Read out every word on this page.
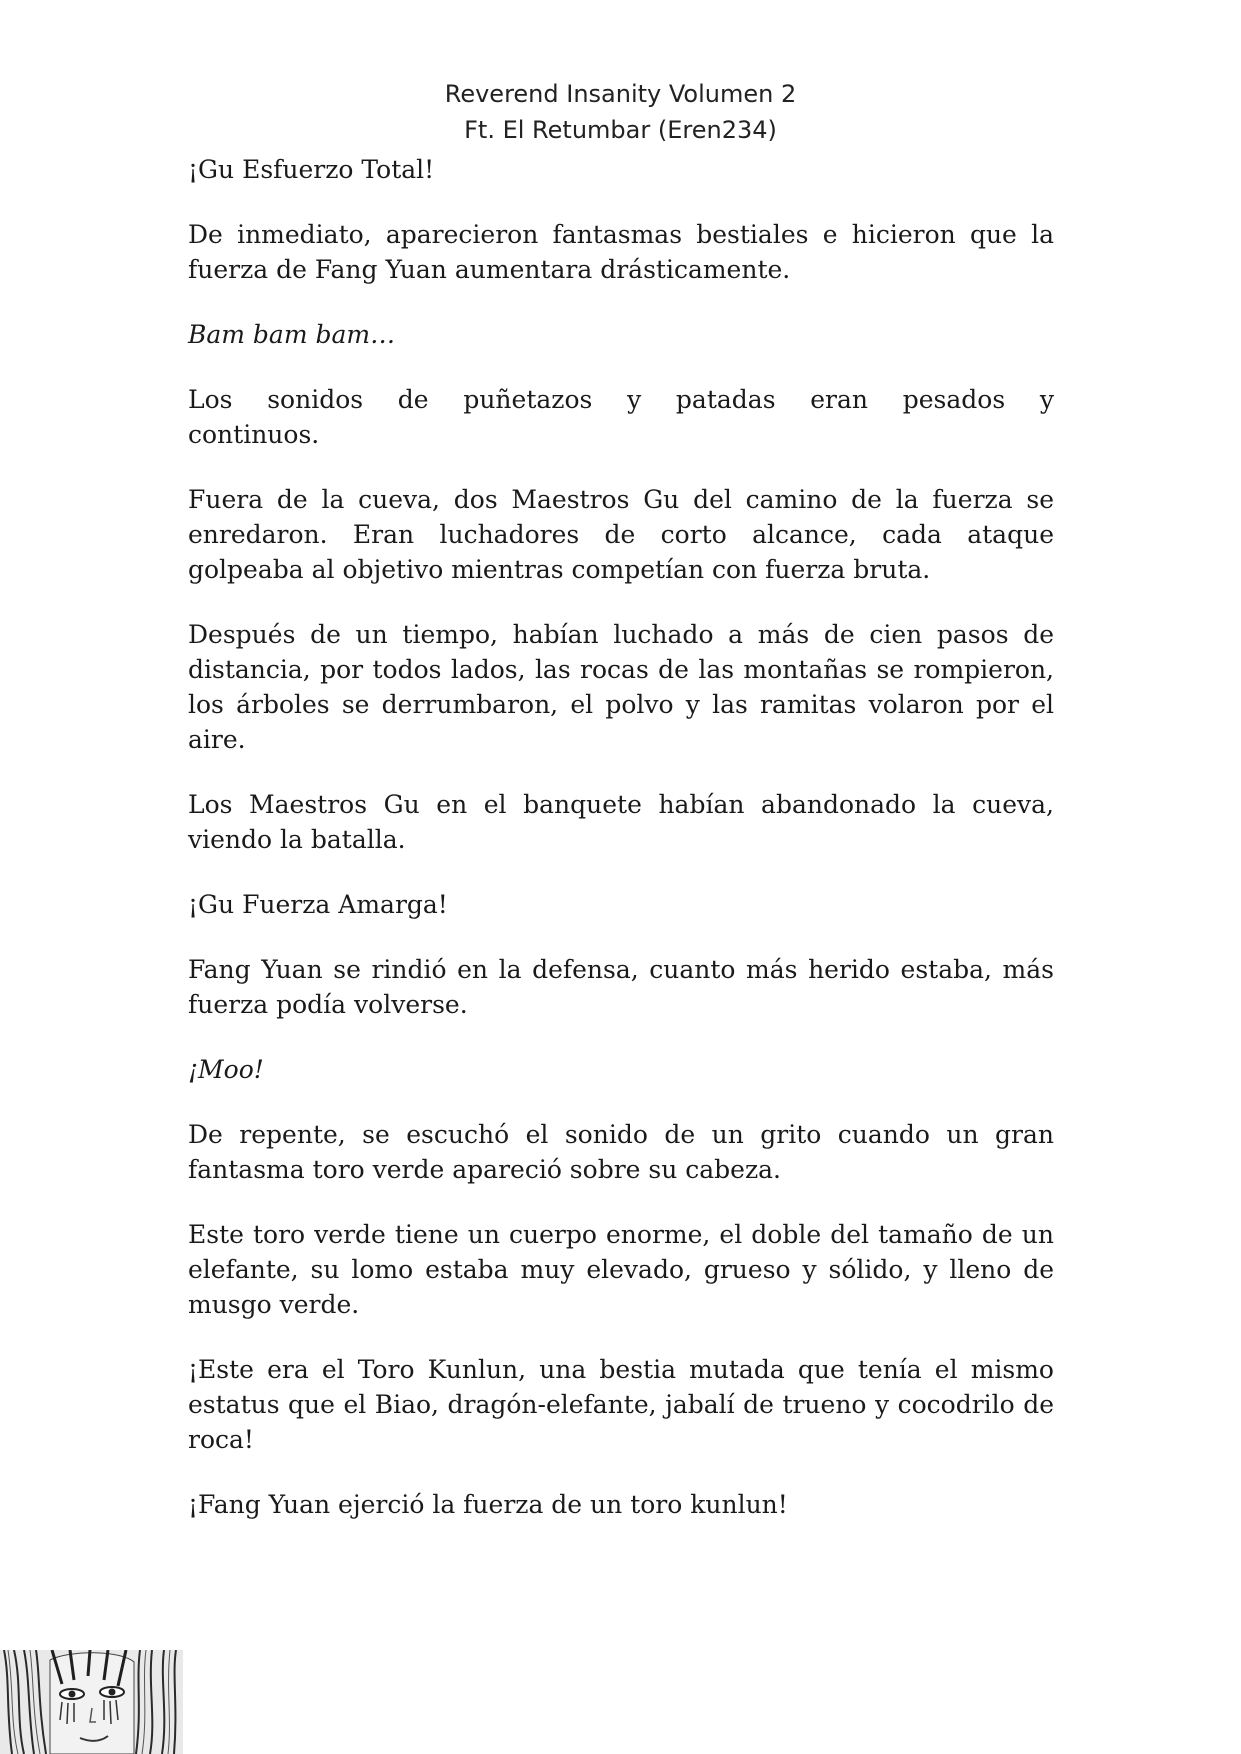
Reverend Insanity Volumen 2
Ft. El Retumbar (Eren234)

¡Gu Esfuerzo Total!

De inmediato, aparecieron fantasmas bestiales e hicieron que la fuerza de Fang Yuan aumentara drásticamente.

Bam bam bam…

Los sonidos de puñetazos y patadas eran pesados y continuos.

Fuera de la cueva, dos Maestros Gu del camino de la fuerza se enredaron. Eran luchadores de corto alcance, cada ataque golpeaba al objetivo mientras competían con fuerza bruta.

Después de un tiempo, habían luchado a más de cien pasos de distancia, por todos lados, las rocas de las montañas se rompieron, los árboles se derrumbaron, el polvo y las ramitas volaron por el aire.

Los Maestros Gu en el banquete habían abandonado la cueva, viendo la batalla.

¡Gu Fuerza Amarga!

Fang Yuan se rindió en la defensa, cuanto más herido estaba, más fuerza podía volverse.

¡Moo!

De repente, se escuchó el sonido de un grito cuando un gran fantasma toro verde apareció sobre su cabeza.

Este toro verde tiene un cuerpo enorme, el doble del tamaño de un elefante, su lomo estaba muy elevado, grueso y sólido, y lleno de musgo verde.

¡Este era el Toro Kunlun, una bestia mutada que tenía el mismo estatus que el Biao, dragón-elefante, jabalí de trueno y cocodrilo de roca!

¡Fang Yuan ejerció la fuerza de un toro kunlun!
